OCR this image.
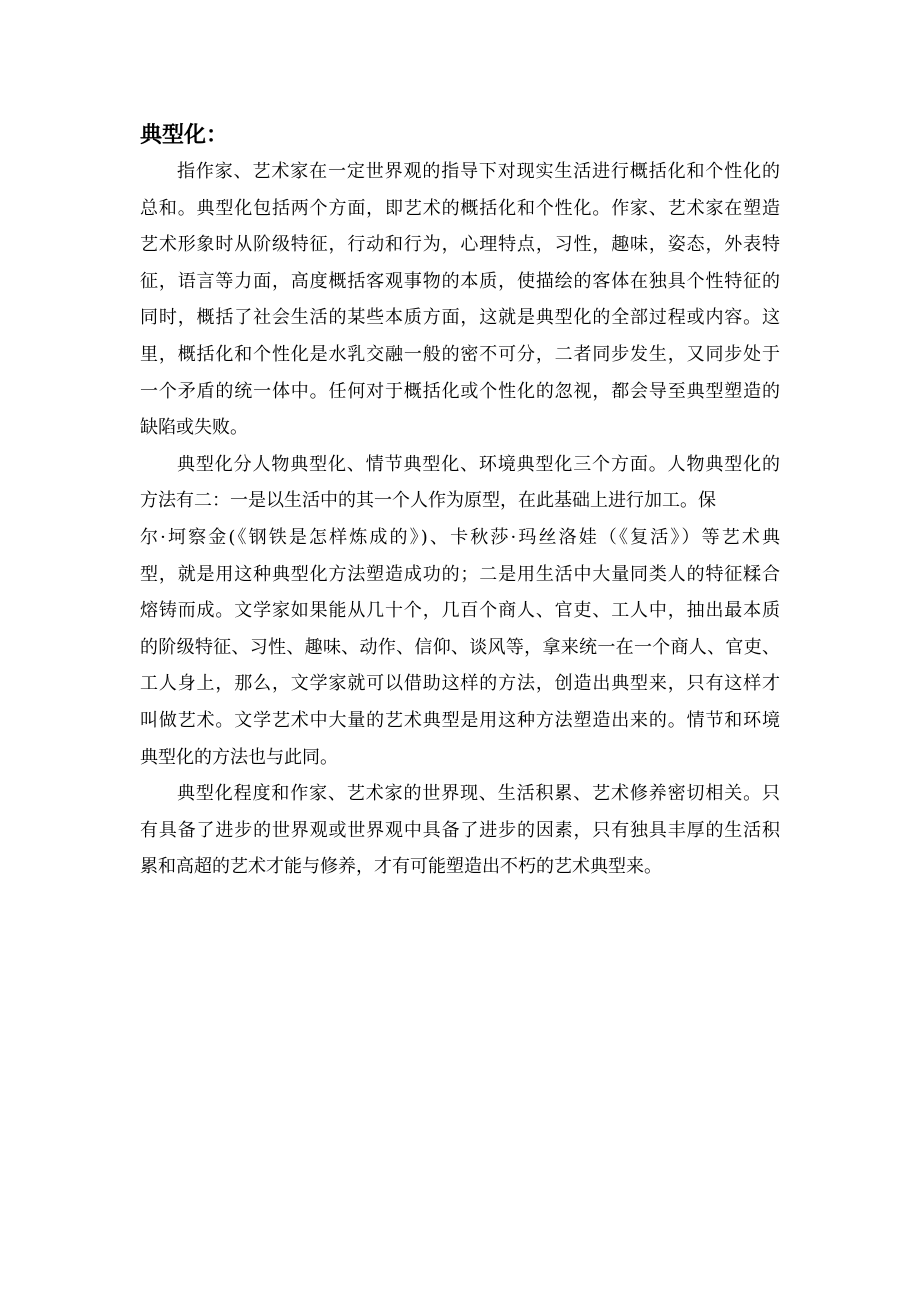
典型化：
指作家、艺术家在一定世界观的指导下对现实生活进行概括化和个性化的
总和。典型化包括两个方面，即艺术的概括化和个性化。作家、艺术家在塑造
艺术形象时从阶级特征，行动和行为，心理特点，习性，趣味，姿态，外表特
征，语言等力面，高度概括客观事物的本质，使描绘的客体在独具个性特征的
同时，概括了社会生活的某些本质方面，这就是典型化的全部过程或内容。这
里，概括化和个性化是水乳交融一般的密不可分，二者同步发生，又同步处于
一个矛盾的统一体中。任何对于概括化或个性化的忽视，都会导至典型塑造的
缺陷或失败。
典型化分人物典型化、情节典型化、环境典型化三个方面。人物典型化的
方法有二：一是以生活中的其一个人作为原型，在此基础上进行加工。保
尔·坷察金(《钢铁是怎样炼成的》)、卡秋莎·玛丝洛娃（《复活》）等艺术典
型，就是用这种典型化方法塑造成功的；二是用生活中大量同类人的特征糅合
熔铸而成。文学家如果能从几十个，几百个商人、官吏、工人中，抽出最本质
的阶级特征、习性、趣味、动作、信仰、谈风等，拿来统一在一个商人、官吏、
工人身上，那么，文学家就可以借助这样的方法，创造出典型来，只有这样才
叫做艺术。文学艺术中大量的艺术典型是用这种方法塑造出来的。情节和环境
典型化的方法也与此同。
典型化程度和作家、艺术家的世界现、生活积累、艺术修养密切相关。只
有具备了进步的世界观或世界观中具备了进步的因素，只有独具丰厚的生活积
累和高超的艺术才能与修养，才有可能塑造出不朽的艺术典型来。
